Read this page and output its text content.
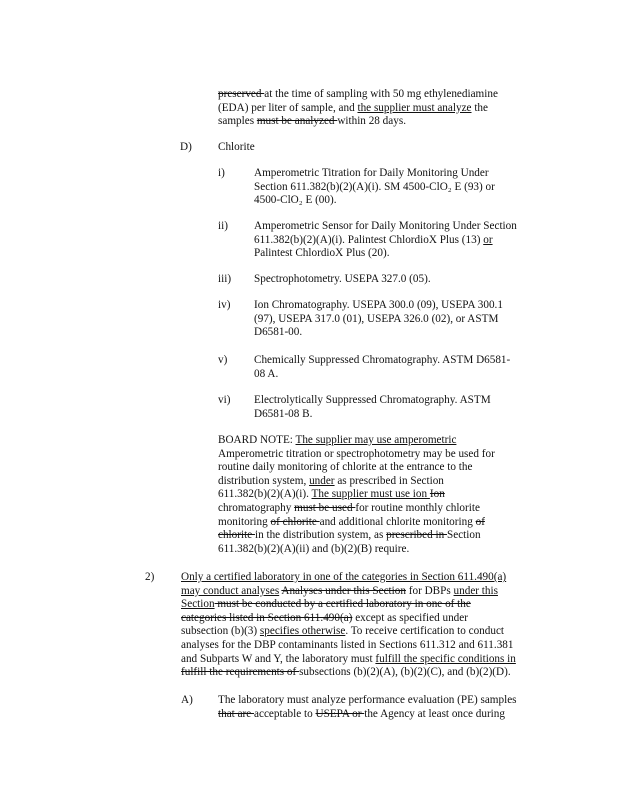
preserved at the time of sampling with 50 mg ethylenediamine
(EDA) per liter of sample, and the supplier must analyze the
samples must be analyzed within 28 days.
D) Chlorite
i)	Amperometric Titration for Daily Monitoring Under
Section 611.382(b)(2)(A)(i). SM 4500-ClO₂ E (93) or
4500-ClO₂ E (00).
ii) Amperometric Sensor for Daily Monitoring Under Section
611.382(b)(2)(A)(i). Palintest ChlordioX Plus (13) or
Palintest ChlordioX Plus (20).
iii) Spectrophotometry. USEPA 327.0 (05).
iv) Ion Chromatography. USEPA 300.0 (09), USEPA 300.1
(97), USEPA 317.0 (01), USEPA 326.0 (02), or ASTM
D6581-00.
v) Chemically Suppressed Chromatography. ASTM D6581-
08 A.
vi) Electrolytically Suppressed Chromatography. ASTM
D6581-08 B.
BOARD NOTE: The supplier may use amperometric
Amperometric titration or spectrophotometry may be used for
routine daily monitoring of chlorite at the entrance to the
distribution system, under as prescribed in Section
611.382(b)(2)(A)(i). The supplier must use ion Ion
chromatography must be used for routine monthly chlorite
monitoring of chlorite and additional chlorite monitoring of
chlorite in the distribution system, as prescribed in Section
611.382(b)(2)(A)(ii) and (b)(2)(B) require.
2) Only a certified laboratory in one of the categories in Section 611.490(a)
may conduct analyses Analyses under this Section for DBPs under this
Section must be conducted by a certified laboratory in one of the
categories listed in Section 611.490(a) except as specified under
subsection (b)(3) specifies otherwise. To receive certification to conduct
analyses for the DBP contaminants listed in Sections 611.312 and 611.381
and Subparts W and Y, the laboratory must fulfill the specific conditions in
fulfill the requirements of subsections (b)(2)(A), (b)(2)(C), and (b)(2)(D).
A) The laboratory must analyze performance evaluation (PE) samples
that are acceptable to USEPA or the Agency at least once during
